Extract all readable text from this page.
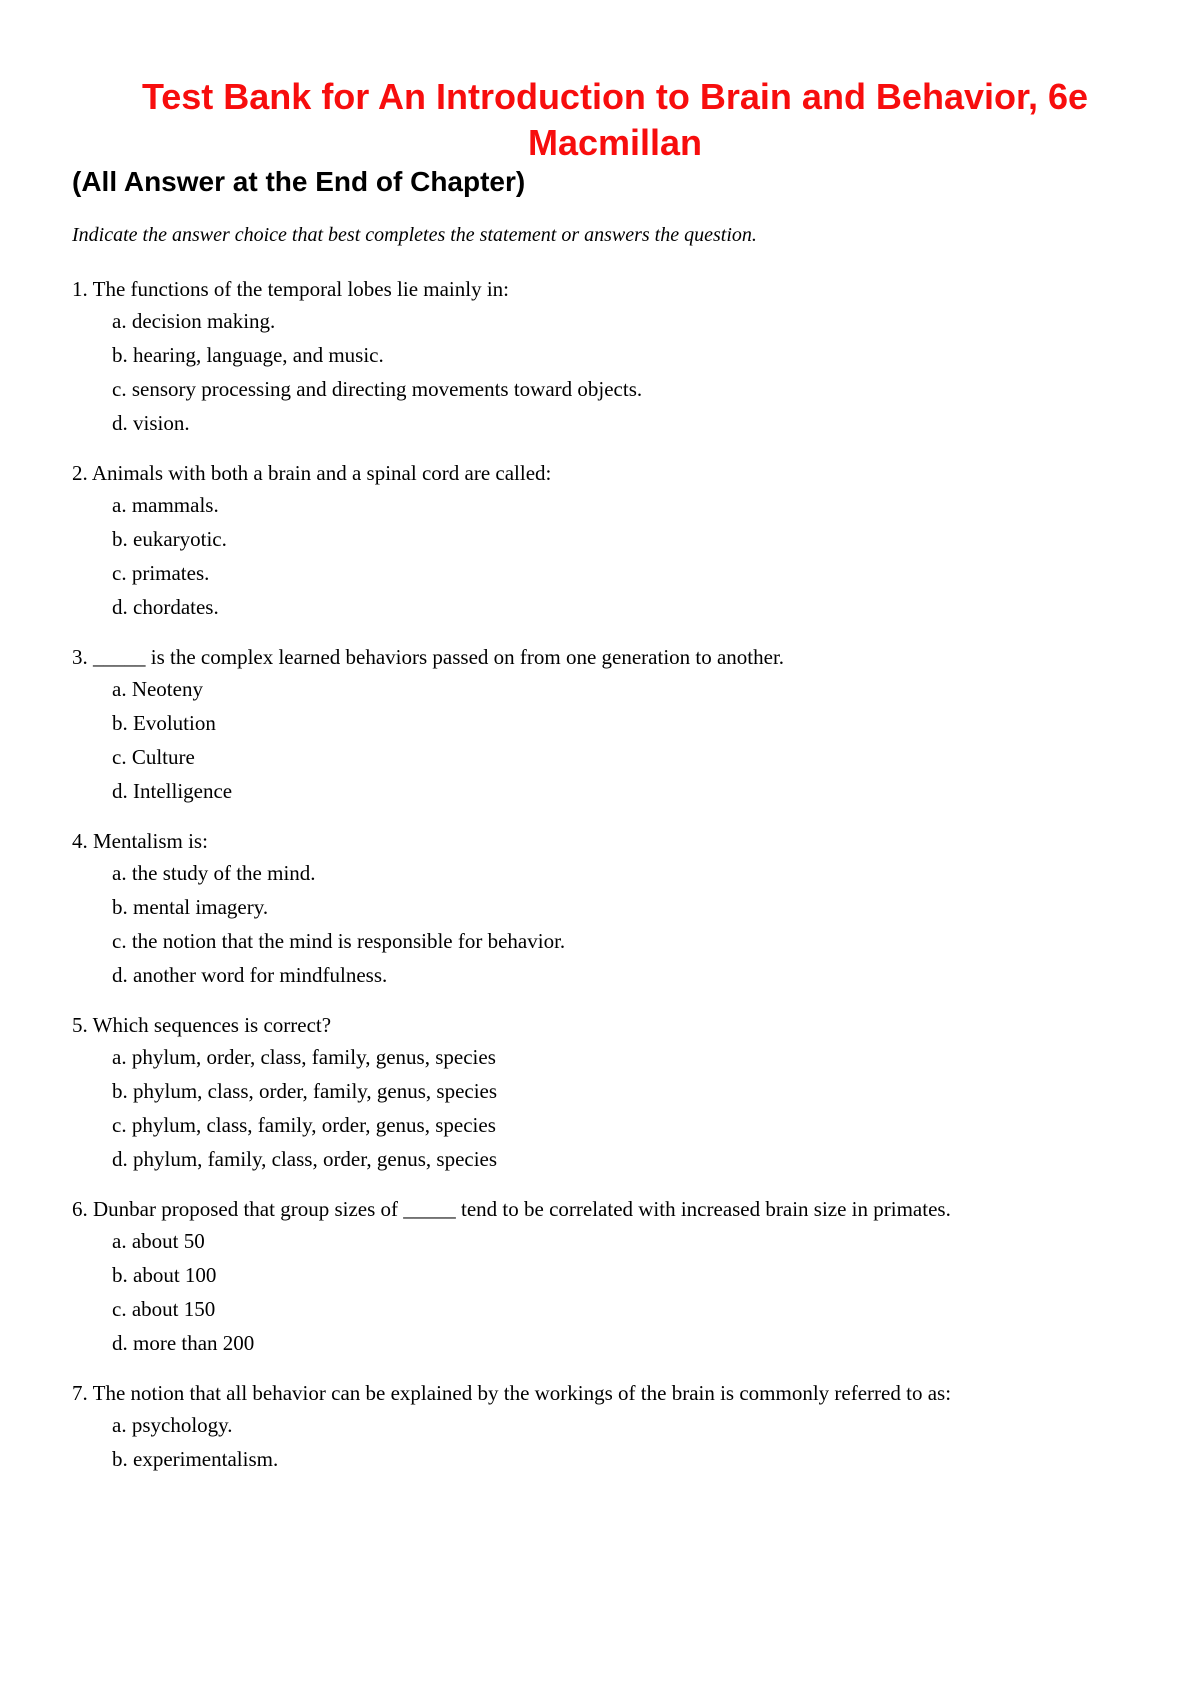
Test Bank for An Introduction to Brain and Behavior, 6e Macmillan
(All Answer at the End of Chapter)
Indicate the answer choice that best completes the statement or answers the question.
1. The functions of the temporal lobes lie mainly in:
a. decision making.
b. hearing, language, and music.
c. sensory processing and directing movements toward objects.
d. vision.
2. Animals with both a brain and a spinal cord are called:
a. mammals.
b. eukaryotic.
c. primates.
d. chordates.
3. _____ is the complex learned behaviors passed on from one generation to another.
a. Neoteny
b. Evolution
c. Culture
d. Intelligence
4. Mentalism is:
a. the study of the mind.
b. mental imagery.
c. the notion that the mind is responsible for behavior.
d. another word for mindfulness.
5. Which sequences is correct?
a. phylum, order, class, family, genus, species
b. phylum, class, order, family, genus, species
c. phylum, class, family, order, genus, species
d. phylum, family, class, order, genus, species
6. Dunbar proposed that group sizes of _____ tend to be correlated with increased brain size in primates.
a. about 50
b. about 100
c. about 150
d. more than 200
7. The notion that all behavior can be explained by the workings of the brain is commonly referred to as:
a. psychology.
b. experimentalism.
